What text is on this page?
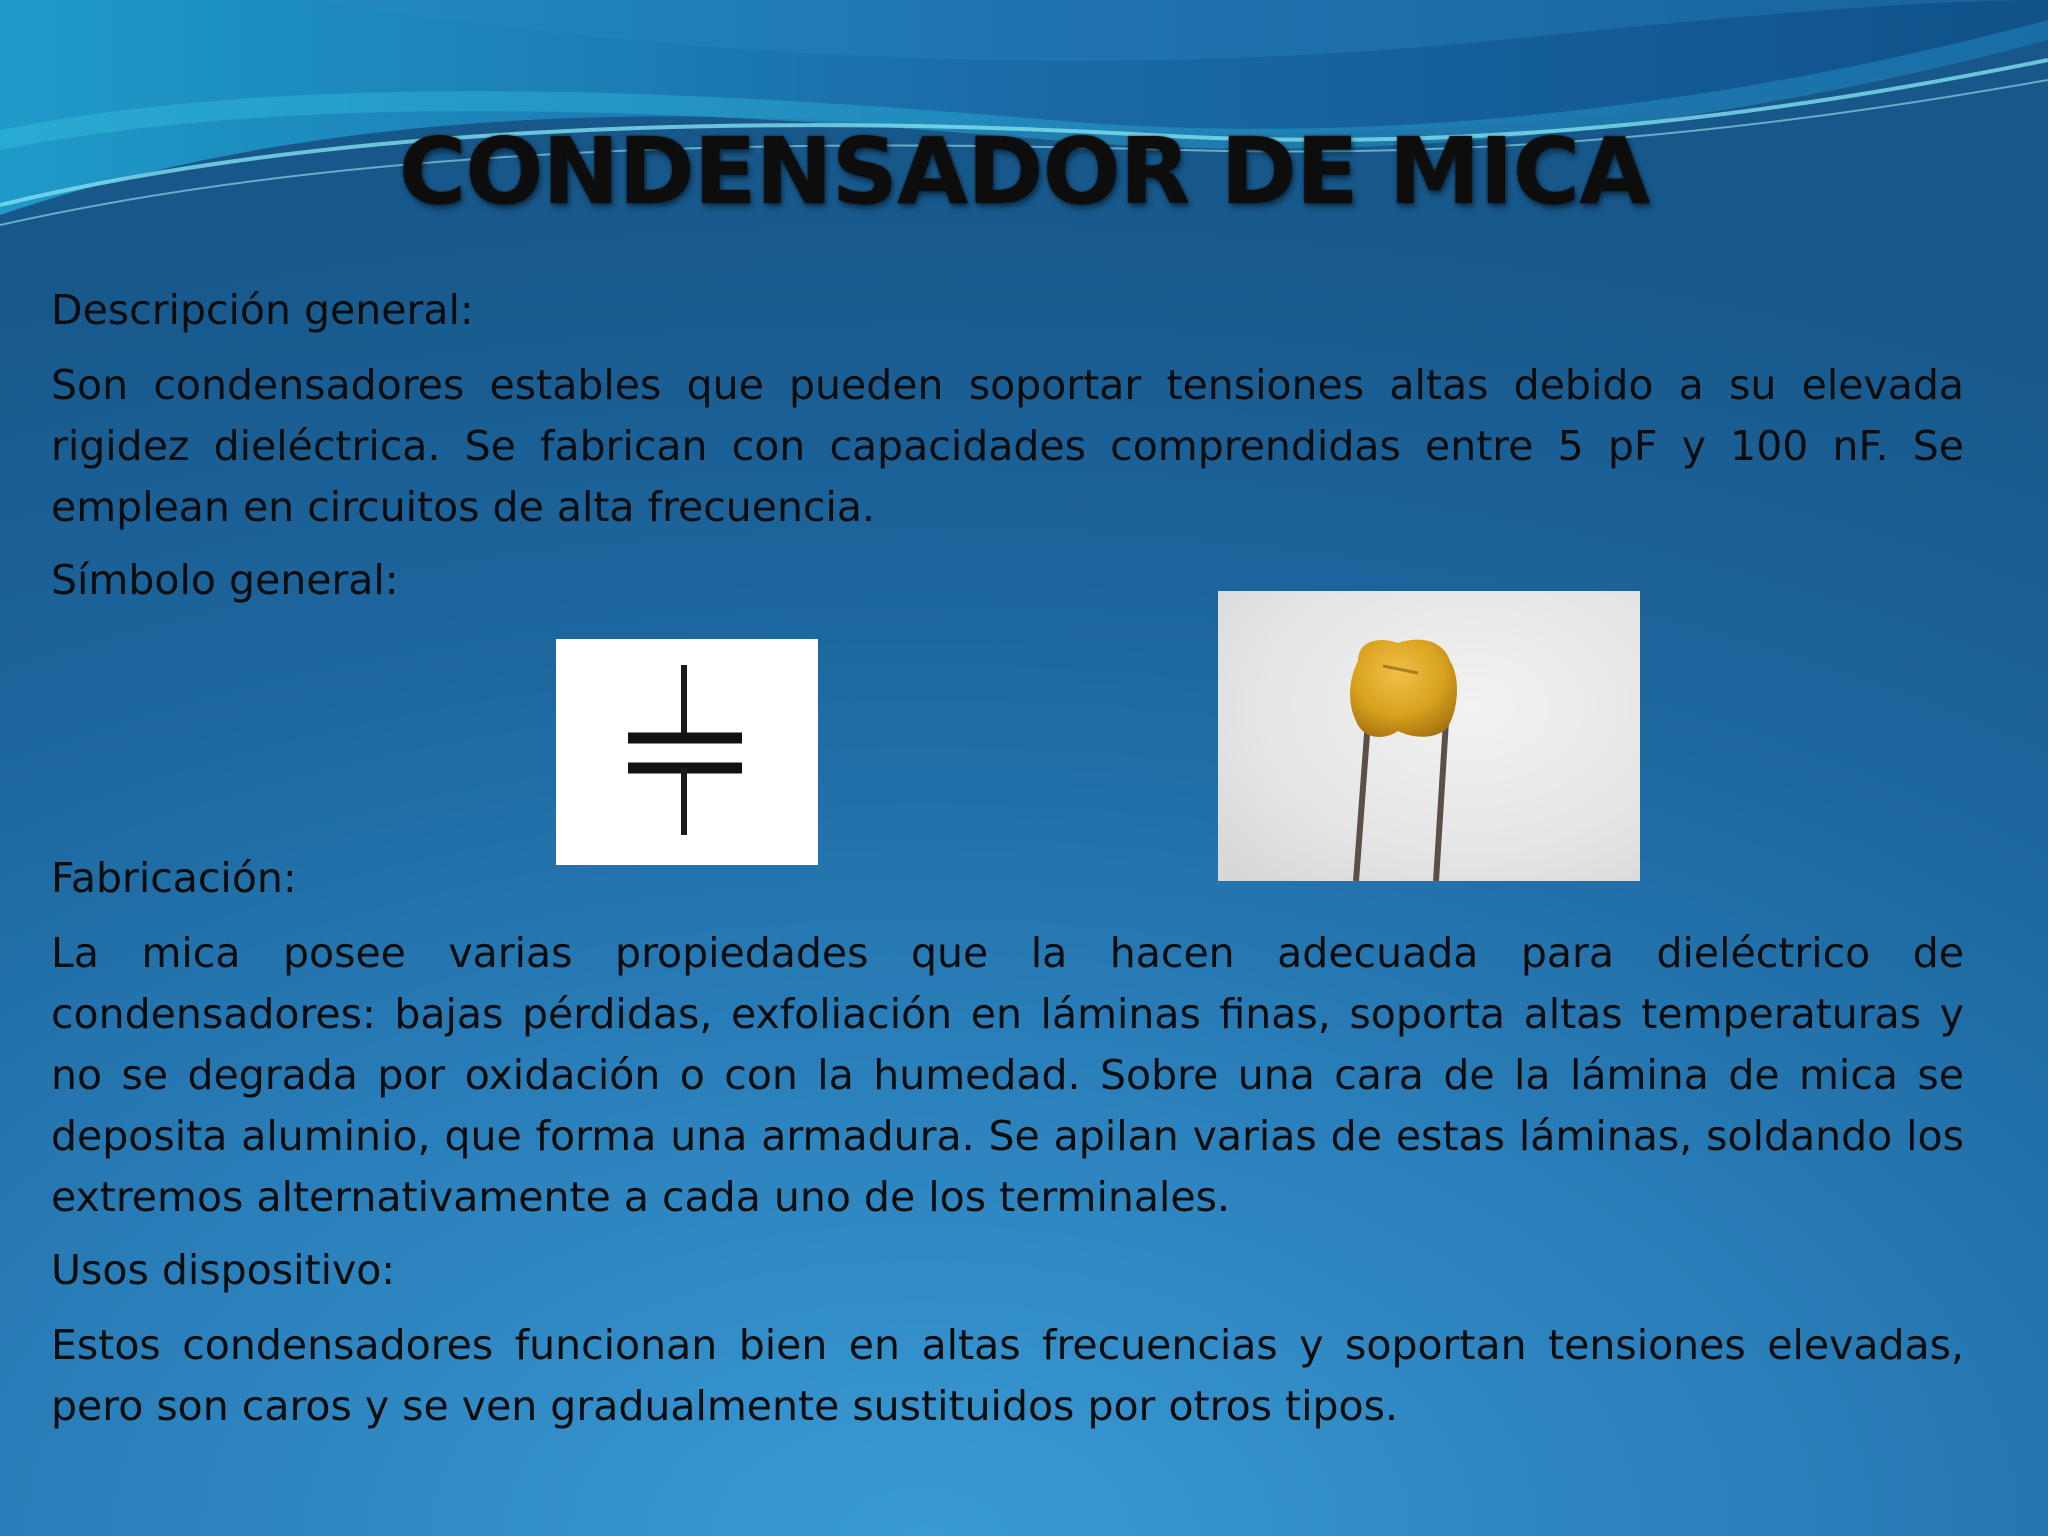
CONDENSADOR DE MICA

Descripción general:

Son condensadores estables que pueden soportar tensiones altas debido a su elevada rigidez dieléctrica. Se fabrican con capacidades comprendidas entre 5 pF y 100 nF. Se emplean en circuitos de alta frecuencia.

Símbolo general:

Fabricación:

La mica posee varias propiedades que la hacen adecuada para dieléctrico de condensadores: bajas pérdidas, exfoliación en láminas finas, soporta altas temperaturas y no se degrada por oxidación o con la humedad. Sobre una cara de la lámina de mica se deposita aluminio, que forma una armadura. Se apilan varias de estas láminas, soldando los extremos alternativamente a cada uno de los terminales.

Usos dispositivo:

Estos condensadores funcionan bien en altas frecuencias y soportan tensiones elevadas, pero son caros y se ven gradualmente sustituidos por otros tipos.
